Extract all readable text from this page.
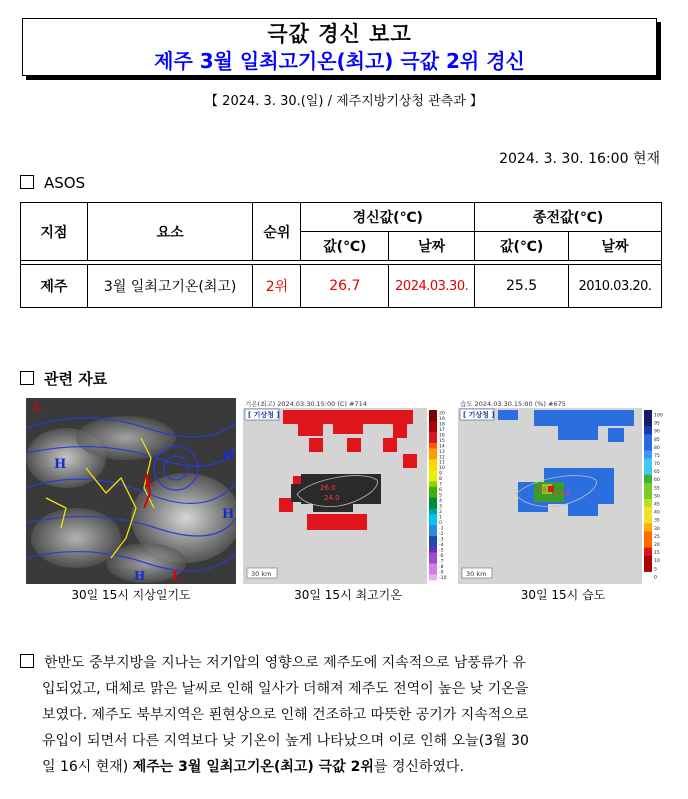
극값 경신 보고
제주 3월 일최고기온(최고) 극값 2위 경신
【 2024. 3. 30.(일) / 제주지방기상청 관측과 】
2024. 3. 30. 16:00 현재
ASOS
지점	요소	순위	경신값(℃)		종전값(℃)	
			값(℃)	날짜	값(℃)	날짜

제주	3월 일최고기온(최고)	2위	26.7	2024.03.30.	25.5	2010.03.20.
관련 자료
H
H
H
L
L
H L
30일 15시 지상일기도
기온(최고) 2024.03.30.15:00 (C) #714
[ 기상청 ]
26.0
24.0
30 km
20
19
18
17
16
15
14
13
12
11
10
9
8
7
6
5
4
3
2
1
0
-1
-2
-3
-4
-5
-6
-7
-8
-9
-10
30일 15시 최고기온
습도 2024.03.30.15:00 (%) #675
[ 기상청 ]
28 27.8
30 km
100
95
90
85
80
75
70
65
60
55
50
45
40
35
30
25
20
15
10
5
0
30일 15시 습도
한반도 중부지방을 지나는 저기압의 영향으로 제주도에 지속적으로 남풍류가 유
입되었고, 대체로 맑은 날씨로 인해 일사가 더해져 제주도 전역이 높은 낮 기온을
보였다. 제주도 북부지역은 푄현상으로 인해 건조하고 따뜻한 공기가 지속적으로
유입이 되면서 다른 지역보다 낮 기온이 높게 나타났으며 이로 인해 오늘(3월 30
일 16시 현재) 제주는 3월 일최고기온(최고) 극값 2위를 경신하였다.
